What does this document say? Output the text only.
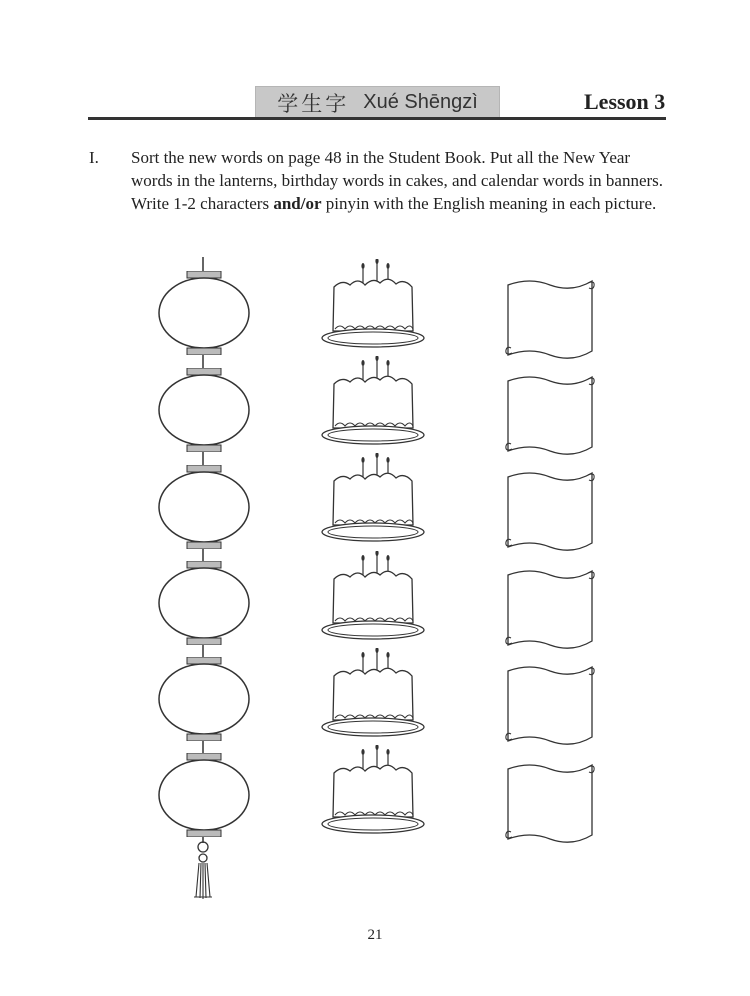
学生字 Xué Shēngzì	Lesson 3
I. Sort the new words on page 48 in the Student Book. Put all the New Year words in the lanterns, birthday words in cakes, and calendar words in banners. Write 1-2 characters and/or pinyin with the English meaning in each picture.
21
